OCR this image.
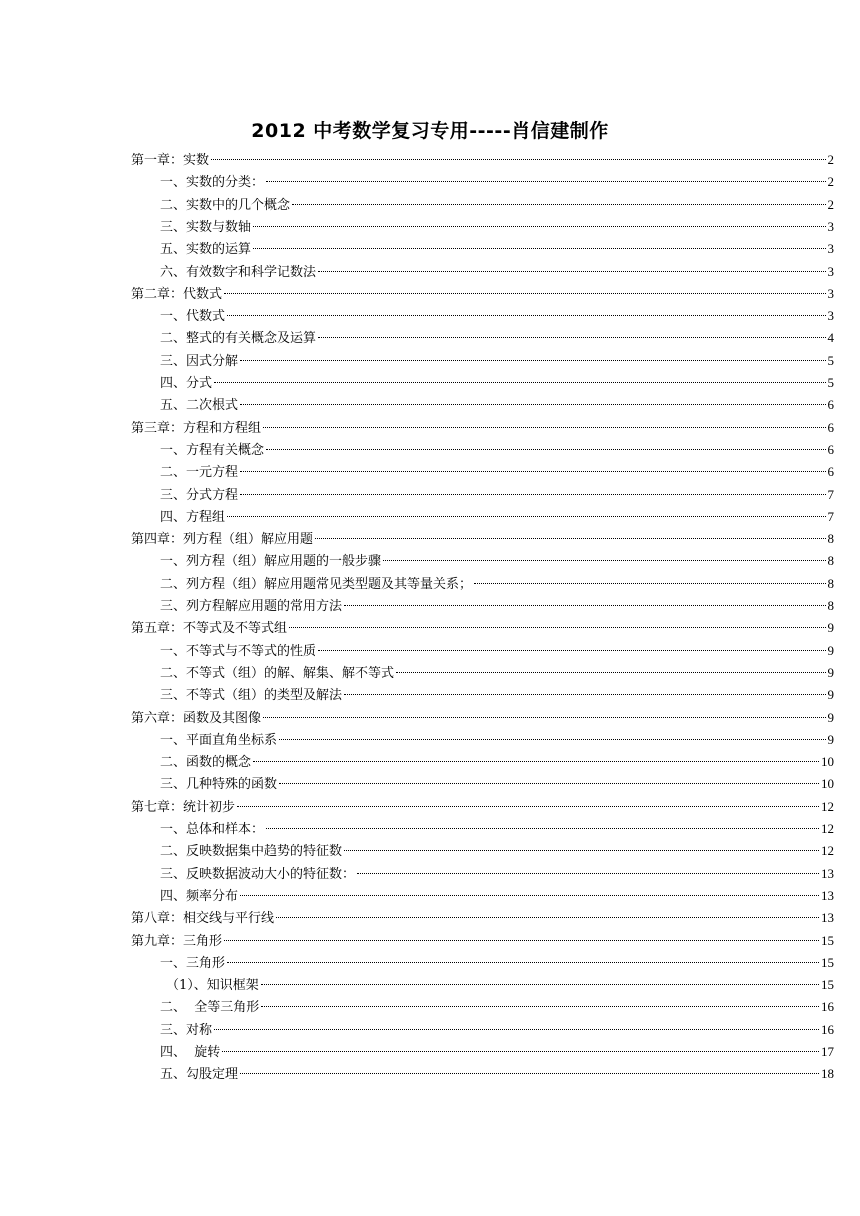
2012 中考数学复习专用-----肖信建制作
第一章：实数	2
一、实数的分类：	2
二、实数中的几个概念	2
三、实数与数轴	3
五、实数的运算	3
六、有效数字和科学记数法	3
第二章：代数式	3
一、代数式	3
二、整式的有关概念及运算	4
三、因式分解	5
四、分式	5
五、二次根式	6
第三章：方程和方程组	6
一、方程有关概念	6
二、一元方程	6
三、分式方程	7
四、方程组	7
第四章：列方程（组）解应用题	8
一、列方程（组）解应用题的一般步骤	8
二、列方程（组）解应用题常见类型题及其等量关系；	8
三、列方程解应用题的常用方法	8
第五章：不等式及不等式组	9
一、不等式与不等式的性质	9
二、不等式（组）的解、解集、解不等式	9
三、不等式（组）的类型及解法	9
第六章：函数及其图像	9
一、平面直角坐标系	9
二、函数的概念	10
三、几种特殊的函数	10
第七章：统计初步	12
一、总体和样本：	12
二、反映数据集中趋势的特征数	12
三、反映数据波动大小的特征数：	13
四、频率分布	13
第八章：相交线与平行线	13
第九章：三角形	15
一、三角形	15
（1）、知识框架	15
二、  全等三角形	16
三、对称	16
四、  旋转	17
五、勾股定理	18
